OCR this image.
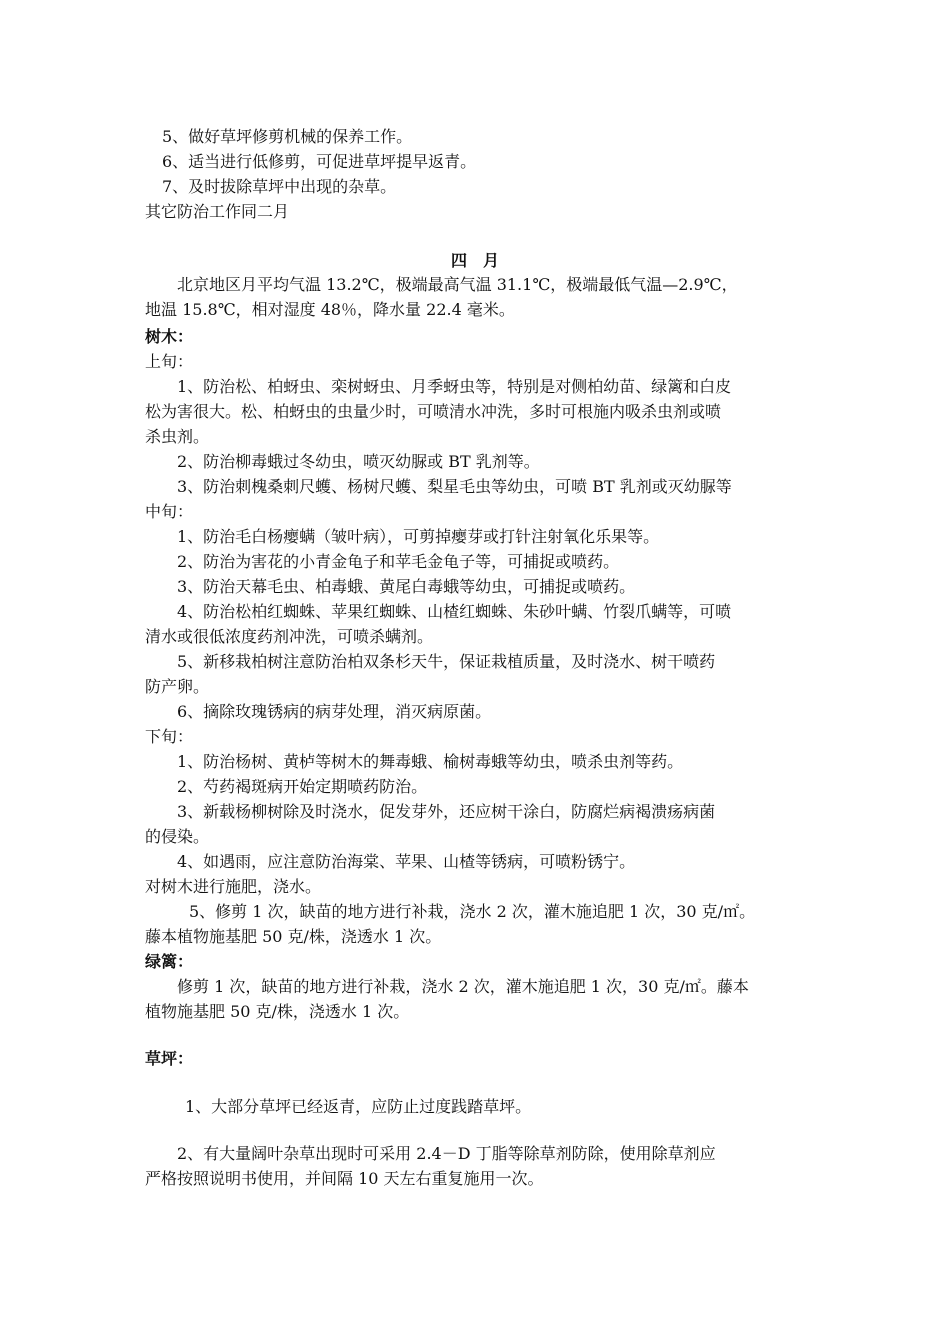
5、做好草坪修剪机械的保养工作。
6、适当进行低修剪，可促进草坪提早返青。
7、及时拔除草坪中出现的杂草。
其它防治工作同二月
四　月
北京地区月平均气温 13.2℃，极端最高气温 31.1℃，极端最低气温—2.9℃，
地温 15.8℃，相对湿度 48％，降水量 22.4 毫米。
树木：
上旬：
1、防治松、柏蚜虫、栾树蚜虫、月季蚜虫等，特别是对侧柏幼苗、绿篱和白皮
松为害很大。松、柏蚜虫的虫量少时，可喷清水冲洗，多时可根施内吸杀虫剂或喷
杀虫剂。
2、防治柳毒蛾过冬幼虫，喷灭幼脲或 BT 乳剂等。
3、防治刺槐桑刺尺蠖、杨树尺蠖、梨星毛虫等幼虫，可喷 BT 乳剂或灭幼脲等
中旬：
1、防治毛白杨瘿螨（皱叶病），可剪掉瘿芽或打针注射氧化乐果等。
2、防治为害花的小青金龟子和苹毛金龟子等，可捕捉或喷药。
3、防治天幕毛虫、柏毒蛾、黄尾白毒蛾等幼虫，可捕捉或喷药。
4、防治松柏红蜘蛛、苹果红蜘蛛、山楂红蜘蛛、朱砂叶螨、竹裂爪螨等，可喷
清水或很低浓度药剂冲洗，可喷杀螨剂。
5、新移栽柏树注意防治柏双条杉天牛，保证栽植质量，及时浇水、树干喷药
防产卵。
6、摘除玫瑰锈病的病芽处理，消灭病原菌。
下旬：
1、防治杨树、黄栌等树木的舞毒蛾、榆树毒蛾等幼虫，喷杀虫剂等药。
2、芍药褐斑病开始定期喷药防治。
3、新载杨柳树除及时浇水，促发芽外，还应树干涂白，防腐烂病褐溃疡病菌
的侵染。
4、如遇雨，应注意防治海棠、苹果、山楂等锈病，可喷粉锈宁。
对树木进行施肥，浇水。
5、修剪 1 次，缺苗的地方进行补栽，浇水 2 次，灌木施追肥 1 次，30 克/㎡。
藤本植物施基肥 50 克/株，浇透水 1 次。
绿篱：
修剪 1 次，缺苗的地方进行补栽，浇水 2 次，灌木施追肥 1 次，30 克/㎡。藤本
植物施基肥 50 克/株，浇透水 1 次。
草坪：
1、大部分草坪已经返青，应防止过度践踏草坪。
2、有大量阔叶杂草出现时可采用 2.4－D 丁脂等除草剂防除，使用除草剂应
严格按照说明书使用，并间隔 10 天左右重复施用一次。
